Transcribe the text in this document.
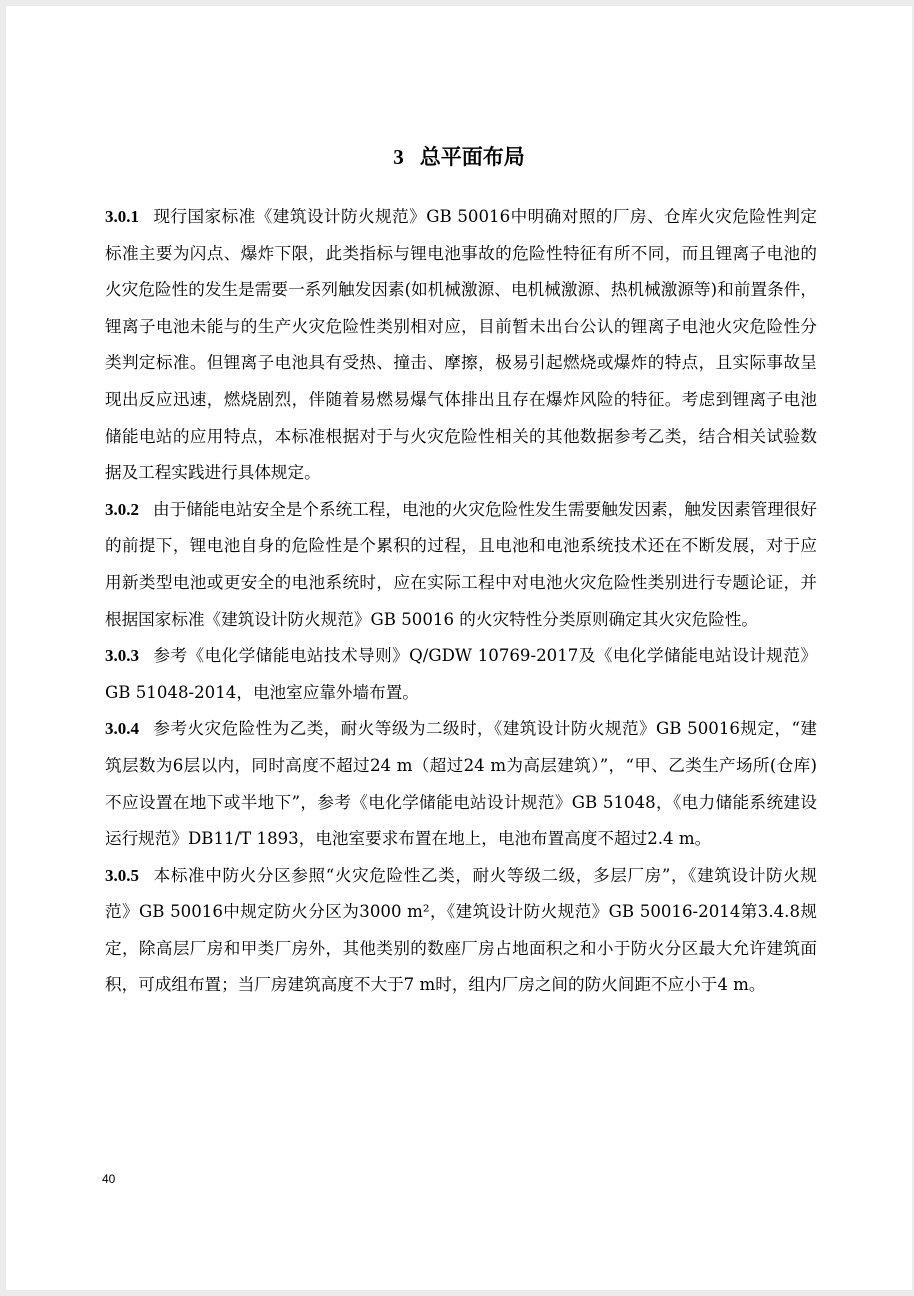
3 总平面布局

3.0.1 现行国家标准《建筑设计防火规范》GB 50016中明确对照的厂房、仓库火灾危险性判定标准主要为闪点、爆炸下限，此类指标与锂电池事故的危险性特征有所不同，而且锂离子电池的火灾危险性的发生是需要一系列触发因素(如机械激源、电机械激源、热机械激源等)和前置条件，锂离子电池未能与的生产火灾危险性类别相对应，目前暂未出台公认的锂离子电池火灾危险性分类判定标准。但锂离子电池具有受热、撞击、摩擦，极易引起燃烧或爆炸的特点，且实际事故呈现出反应迅速，燃烧剧烈，伴随着易燃易爆气体排出且存在爆炸风险的特征。考虑到锂离子电池储能电站的应用特点，本标准根据对于与火灾危险性相关的其他数据参考乙类，结合相关试验数据及工程实践进行具体规定。

3.0.2 由于储能电站安全是个系统工程，电池的火灾危险性发生需要触发因素，触发因素管理很好的前提下，锂电池自身的危险性是个累积的过程，且电池和电池系统技术还在不断发展，对于应用新类型电池或更安全的电池系统时，应在实际工程中对电池火灾危险性类别进行专题论证，并根据国家标准《建筑设计防火规范》GB 50016 的火灾特性分类原则确定其火灾危险性。

3.0.3 参考《电化学储能电站技术导则》Q/GDW 10769-2017及《电化学储能电站设计规范》GB 51048-2014，电池室应靠外墙布置。

3.0.4 参考火灾危险性为乙类，耐火等级为二级时，《建筑设计防火规范》GB 50016规定，“建筑层数为6层以内，同时高度不超过24 m（超过24 m为高层建筑）”，“甲、乙类生产场所(仓库)不应设置在地下或半地下”，参考《电化学储能电站设计规范》GB 51048，《电力储能系统建设运行规范》DB11/T 1893，电池室要求布置在地上，电池布置高度不超过2.4 m。

3.0.5 本标准中防火分区参照“火灾危险性乙类，耐火等级二级，多层厂房”，《建筑设计防火规范》GB 50016中规定防火分区为3000 m²，《建筑设计防火规范》GB 50016-2014第3.4.8规定，除高层厂房和甲类厂房外，其他类别的数座厂房占地面积之和小于防火分区最大允许建筑面积，可成组布置；当厂房建筑高度不大于7 m时，组内厂房之间的防火间距不应小于4 m。

40
